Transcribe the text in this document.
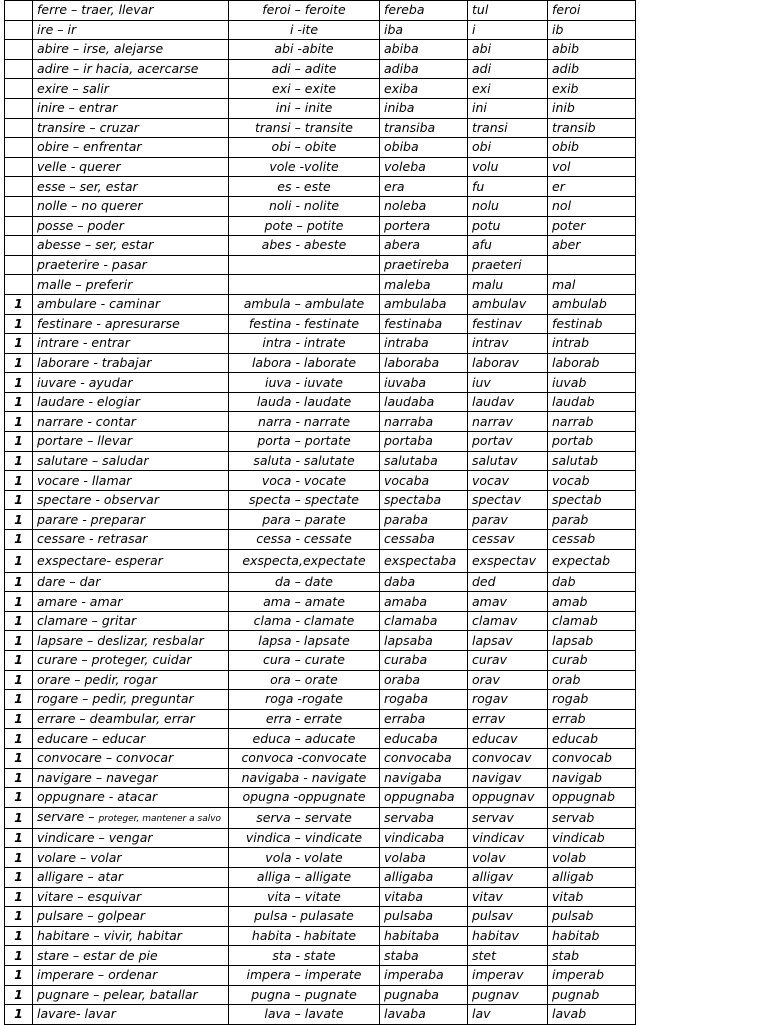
	ferre – traer, llevar	feroi – feroite	fereba	tul	feroi
	ire – ir	i -ite	iba	i	ib
	abire – irse, alejarse	abi -abite	abiba	abi	abib
	adire – ir hacia, acercarse	adi – adite	adiba	adi	adib
	exire – salir	exi – exite	exiba	exi	exib
	inire – entrar	ini – inite	iniba	ini	inib
	transire – cruzar	transi – transite	transiba	transi	transib
	obire – enfrentar	obi – obite	obiba	obi	obib
	velle - querer	vole -volite	voleba	volu	vol
	esse – ser, estar	es - este	era	fu	er
	nolle – no querer	noli - nolite	noleba	nolu	nol
	posse – poder	pote – potite	portera	potu	poter
	abesse – ser, estar	abes - abeste	abera	afu	aber
	praeterire - pasar		praetireba	praeteri	
	malle – preferir		maleba	malu	mal
1	ambulare - caminar	ambula – ambulate	ambulaba	ambulav	ambulab
1	festinare - apresurarse	festina - festinate	festinaba	festinav	festinab
1	intrare - entrar	intra - intrate	intraba	intrav	intrab
1	laborare - trabajar	labora - laborate	laboraba	laborav	laborab
1	iuvare - ayudar	iuva - iuvate	iuvaba	iuv	iuvab
1	laudare - elogiar	lauda - laudate	laudaba	laudav	laudab
1	narrare - contar	narra - narrate	narraba	narrav	narrab
1	portare – llevar	porta – portate	portaba	portav	portab
1	salutare – saludar	saluta - salutate	salutaba	salutav	salutab
1	vocare - llamar	voca - vocate	vocaba	vocav	vocab
1	spectare - observar	specta – spectate	spectaba	spectav	spectab
1	parare - preparar	para – parate	paraba	parav	parab
1	cessare - retrasar	cessa - cessate	cessaba	cessav	cessab
1	exspectare- esperar	exspecta,expectate	exspectaba	exspectav	expectab
1	dare – dar	da – date	daba	ded	dab
1	amare - amar	ama – amate	amaba	amav	amab
1	clamare – gritar	clama - clamate	clamaba	clamav	clamab
1	lapsare – deslizar, resbalar	lapsa - lapsate	lapsaba	lapsav	lapsab
1	curare – proteger, cuidar	cura – curate	curaba	curav	curab
1	orare – pedir, rogar	ora – orate	oraba	orav	orab
1	rogare – pedir, preguntar	roga -rogate	rogaba	rogav	rogab
1	errare – deambular, errar	erra - errate	erraba	errav	errab
1	educare – educar	educa – aducate	educaba	educav	educab
1	convocare – convocar	convoca -convocate	convocaba	convocav	convocab
1	navigare – navegar	navigaba - navigate	navigaba	navigav	navigab
1	oppugnare - atacar	opugna -oppugnate	oppugnaba	oppugnav	oppugnab
1	servare – proteger, mantener a salvo	serva – servate	servaba	servav	servab
1	vindicare – vengar	vindica – vindicate	vindicaba	vindicav	vindicab
1	volare – volar	vola - volate	volaba	volav	volab
1	alligare – atar	alliga – alligate	alligaba	alligav	alligab
1	vitare – esquivar	vita – vitate	vitaba	vitav	vitab
1	pulsare – golpear	pulsa - pulasate	pulsaba	pulsav	pulsab
1	habitare – vivir, habitar	habita - habitate	habitaba	habitav	habitab
1	stare – estar de pie	sta - state	staba	stet	stab
1	imperare – ordenar	impera – imperate	imperaba	imperav	imperab
1	pugnare – pelear, batallar	pugna – pugnate	pugnaba	pugnav	pugnab
1	lavare- lavar	lava – lavate	lavaba	lav	lavab
